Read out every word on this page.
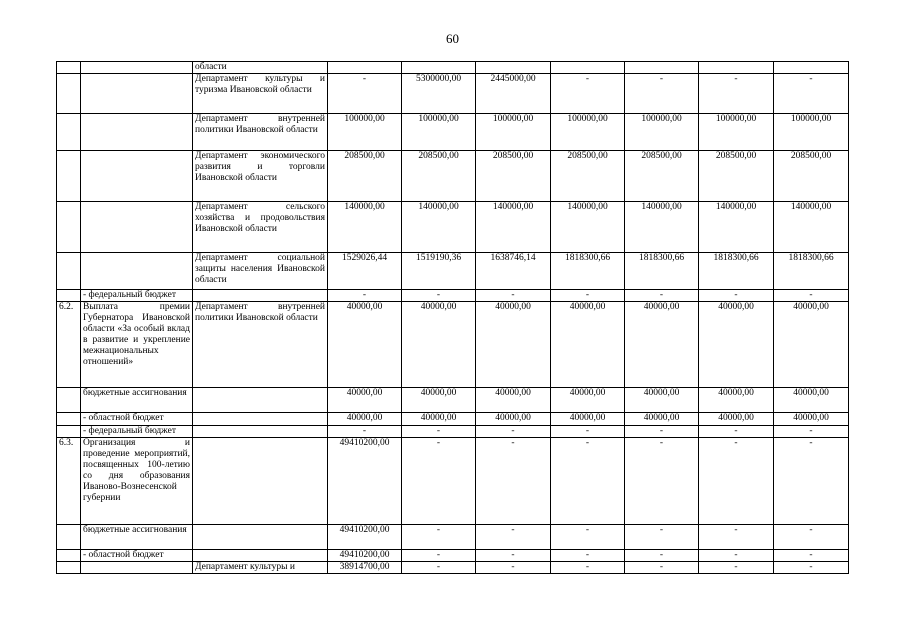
60
		области							
		Департамент культуры и туризма Ивановской области	-	5300000,00	2445000,00	-	-	-	-
		Департамент внутренней политики Ивановской области	100000,00	100000,00	100000,00	100000,00	100000,00	100000,00	100000,00
		Департамент экономического развития и торговли Ивановской области	208500,00	208500,00	208500,00	208500,00	208500,00	208500,00	208500,00
		Департамент сельского хозяйства и продовольствия Ивановской области	140000,00	140000,00	140000,00	140000,00	140000,00	140000,00	140000,00
		Департамент социальной защиты населения Ивановской области	1529026,44	1519190,36	1638746,14	1818300,66	1818300,66	1818300,66	1818300,66
	- федеральный бюджет		-	-	-	-	-	-	-
6.2.	Выплата премии Губернатора Ивановской области «За особый вклад в развитие и укрепление межнациональных отношений»	Департамент внутренней политики Ивановской области	40000,00	40000,00	40000,00	40000,00	40000,00	40000,00	40000,00
	бюджетные ассигнования		40000,00	40000,00	40000,00	40000,00	40000,00	40000,00	40000,00
	- областной бюджет		40000,00	40000,00	40000,00	40000,00	40000,00	40000,00	40000,00
	- федеральный бюджет		-	-	-	-	-	-	-
6.3.	Организация и проведение мероприятий, посвященных 100-летию со дня образования Иваново-Вознесенской губернии		49410200,00	-	-	-	-	-	-
	бюджетные ассигнования		49410200,00	-	-	-	-	-	-
	- областной бюджет		49410200,00	-	-	-	-	-	-
		Департамент культуры и	38914700,00	-	-	-	-	-	-
